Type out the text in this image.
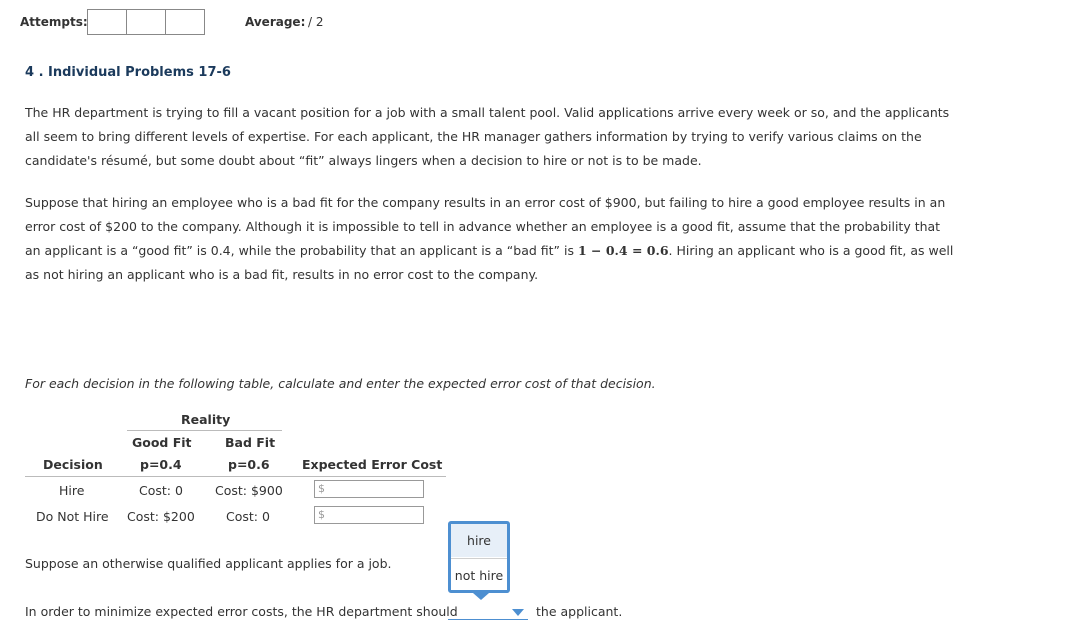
Attempts:	Average: / 2
4 . Individual Problems 17-6
The HR department is trying to fill a vacant position for a job with a small talent pool. Valid applications arrive every week or so, and the applicants all seem to bring different levels of expertise. For each applicant, the HR manager gathers information by trying to verify various claims on the candidate's résumé, but some doubt about “fit” always lingers when a decision to hire or not is to be made.
Suppose that hiring an employee who is a bad fit for the company results in an error cost of $900, but failing to hire a good employee results in an error cost of $200 to the company. Although it is impossible to tell in advance whether an employee is a good fit, assume that the probability that an applicant is a “good fit” is 0.4, while the probability that an applicant is a “bad fit” is 1 − 0.4 = 0.6. Hiring an applicant who is a good fit, as well as not hiring an applicant who is a bad fit, results in no error cost to the company.
For each decision in the following table, calculate and enter the expected error cost of that decision.
Reality
Good Fit	Bad Fit
Decision	p=0.4	p=0.6	Expected Error Cost
Hire	Cost: 0	Cost: $900	$
Do Not Hire Cost: $200 Cost: 0	$
Suppose an otherwise qualified applicant applies for a job.
hire
not hire
In order to minimize expected error costs, the HR department should	the applicant.
